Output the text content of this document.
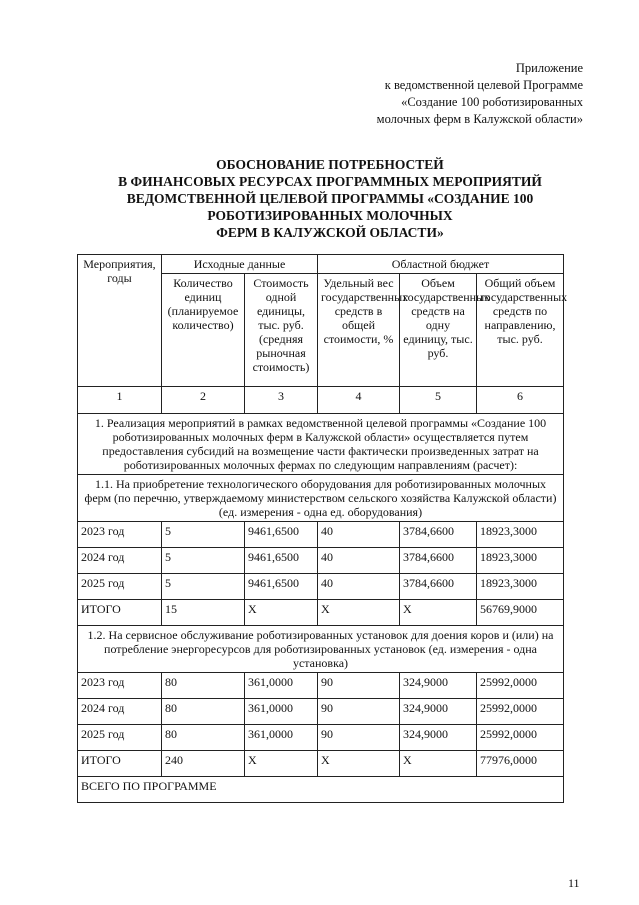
Приложение
к ведомственной целевой Программе
«Создание 100 роботизированных
молочных ферм в Калужской области»
ОБОСНОВАНИЕ ПОТРЕБНОСТЕЙ
В ФИНАНСОВЫХ РЕСУРСАХ ПРОГРАММНЫХ МЕРОПРИЯТИЙ
ВЕДОМСТВЕННОЙ ЦЕЛЕВОЙ ПРОГРАММЫ «СОЗДАНИЕ 100
РОБОТИЗИРОВАННЫХ МОЛОЧНЫХ
ФЕРМ В КАЛУЖСКОЙ ОБЛАСТИ»
Мероприятия, годы	Исходные данные		Областной бюджет		
	Количество единиц (планируемое количество)	Стоимость одной единицы, тыс. руб. (средняя рыночная стоимость)	Удельный вес государственных средств в общей стоимости, %	Объем государственных средств на одну единицу, тыс. руб.	Общий объем государственных средств по направлению, тыс. руб.
1	2	3	4	5	6
1. Реализация мероприятий в рамках ведомственной целевой программы «Создание 100 роботизированных молочных ферм в Калужской области» осуществляется путем предоставления субсидий на возмещение части фактически произведенных затрат на роботизированных молочных фермах по следующим направлениям (расчет):					
1.1. На приобретение технологического оборудования для роботизированных молочных ферм (по перечню, утверждаемому министерством сельского хозяйства Калужской области) (ед. измерения - одна ед. оборудования)					
2023 год	5	9461,6500	40	3784,6600	18923,3000
2024 год	5	9461,6500	40	3784,6600	18923,3000
2025 год	5	9461,6500	40	3784,6600	18923,3000
ИТОГО	15	X	X	X	56769,9000
1.2. На сервисное обслуживание роботизированных установок для доения коров и (или) на потребление энергоресурсов для роботизированных установок (ед. измерения - одна установка)					
2023 год	80	361,0000	90	324,9000	25992,0000
2024 год	80	361,0000	90	324,9000	25992,0000
2025 год	80	361,0000	90	324,9000	25992,0000
ИТОГО	240	X	X	X	77976,0000
ВСЕГО ПО ПРОГРАММЕ					
11
